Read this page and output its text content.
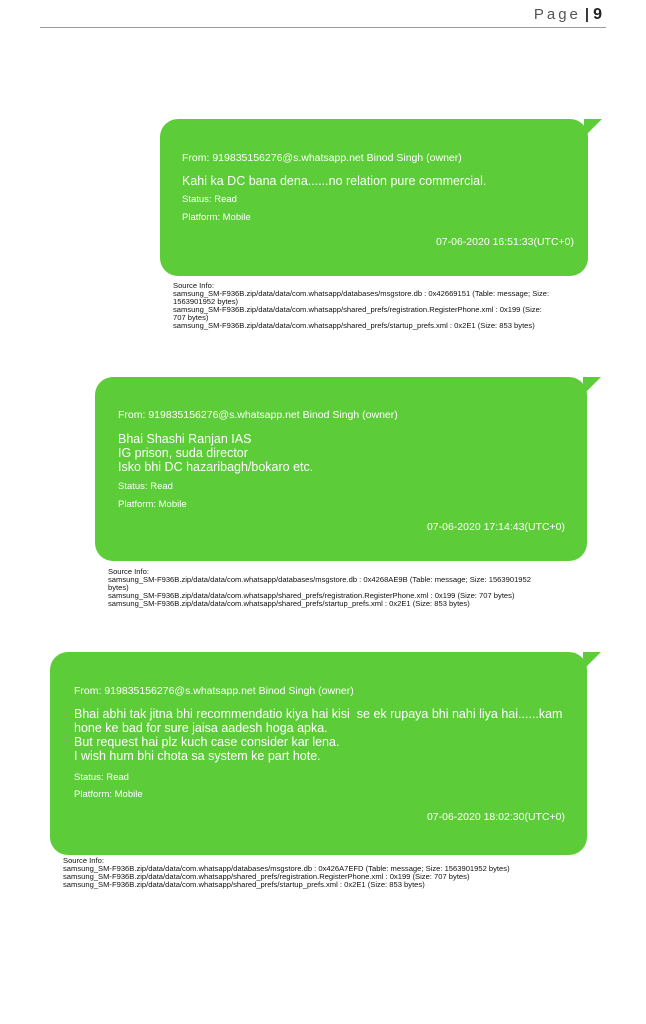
Page | 9
From: 919835156276@s.whatsapp.net Binod Singh (owner)
Kahi ka DC bana dena......no relation pure commercial.
Status: Read
Platform: Mobile
07-06-2020 16:51:33(UTC+0)
Source Info:
samsung_SM-F936B.zip/data/data/com.whatsapp/databases/msgstore.db : 0x42669151 (Table: message; Size:
1563901952 bytes)
samsung_SM-F936B.zip/data/data/com.whatsapp/shared_prefs/registration.RegisterPhone.xml : 0x199 (Size:
707 bytes)
samsung_SM-F936B.zip/data/data/com.whatsapp/shared_prefs/startup_prefs.xml : 0x2E1 (Size: 853 bytes)
From: 919835156276@s.whatsapp.net Binod Singh (owner)
Bhai Shashi Ranjan IAS
IG prison, suda director
Isko bhi DC hazaribagh/bokaro etc.
Status: Read
Platform: Mobile
07-06-2020 17:14:43(UTC+0)
Source Info:
samsung_SM-F936B.zip/data/data/com.whatsapp/databases/msgstore.db : 0x4268AE9B (Table: message; Size: 1563901952
bytes)
samsung_SM-F936B.zip/data/data/com.whatsapp/shared_prefs/registration.RegisterPhone.xml : 0x199 (Size: 707 bytes)
samsung_SM-F936B.zip/data/data/com.whatsapp/shared_prefs/startup_prefs.xml : 0x2E1 (Size: 853 bytes)
From: 919835156276@s.whatsapp.net Binod Singh (owner)
Bhai abhi tak jitna bhi recommendatio kiya hai kisi  se ek rupaya bhi nahi liya hai......kam
hone ke bad for sure jaisa aadesh hoga apka.
But request hai plz kuch case consider kar lena.
I wish hum bhi chota sa system ke part hote.
Status: Read
Platform: Mobile
07-06-2020 18:02:30(UTC+0)
Source Info:
samsung_SM-F936B.zip/data/data/com.whatsapp/databases/msgstore.db : 0x426A7EFD (Table: message; Size: 1563901952 bytes)
samsung_SM-F936B.zip/data/data/com.whatsapp/shared_prefs/registration.RegisterPhone.xml : 0x199 (Size: 707 bytes)
samsung_SM-F936B.zip/data/data/com.whatsapp/shared_prefs/startup_prefs.xml : 0x2E1 (Size: 853 bytes)
